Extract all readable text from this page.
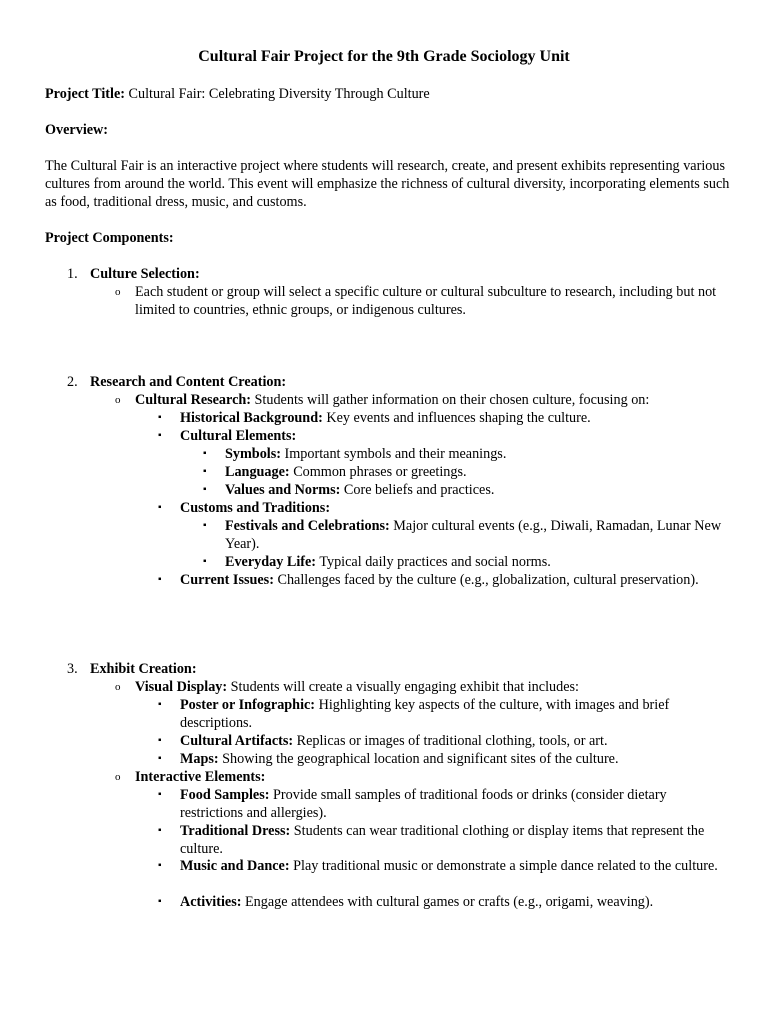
Cultural Fair Project for the 9th Grade Sociology Unit

Project Title: Cultural Fair: Celebrating Diversity Through Culture

Overview:

The Cultural Fair is an interactive project where students will research, create, and present exhibits representing various cultures from around the world. This event will emphasize the richness of cultural diversity, incorporating elements such as food, traditional dress, music, and customs.

Project Components:

1. Culture Selection:
o Each student or group will select a specific culture or cultural subculture to research, including but not limited to countries, ethnic groups, or indigenous cultures.
2. Research and Content Creation:
o Cultural Research: Students will gather information on their chosen culture, focusing on:
▪ Historical Background: Key events and influences shaping the culture.
▪ Cultural Elements:
▪ Symbols: Important symbols and their meanings.
▪ Language: Common phrases or greetings.
▪ Values and Norms: Core beliefs and practices.
▪ Customs and Traditions:
▪ Festivals and Celebrations: Major cultural events (e.g., Diwali, Ramadan, Lunar New Year).
▪ Everyday Life: Typical daily practices and social norms.
▪ Current Issues: Challenges faced by the culture (e.g., globalization, cultural preservation).
3. Exhibit Creation:
o Visual Display: Students will create a visually engaging exhibit that includes:
▪ Poster or Infographic: Highlighting key aspects of the culture, with images and brief descriptions.
▪ Cultural Artifacts: Replicas or images of traditional clothing, tools, or art.
▪ Maps: Showing the geographical location and significant sites of the culture.
o Interactive Elements:
▪ Food Samples: Provide small samples of traditional foods or drinks (consider dietary restrictions and allergies).
▪ Traditional Dress: Students can wear traditional clothing or display items that represent the culture.
▪ Music and Dance: Play traditional music or demonstrate a simple dance related to the culture.
▪ Activities: Engage attendees with cultural games or crafts (e.g., origami, weaving).
